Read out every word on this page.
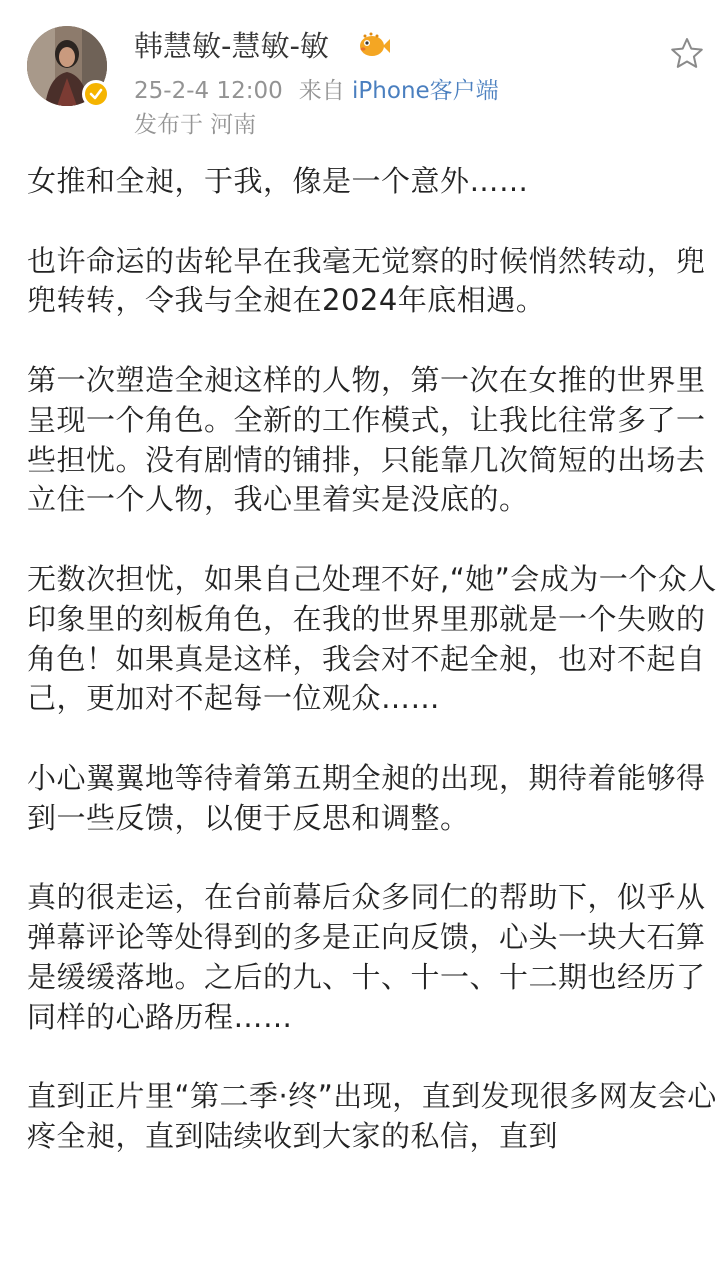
韩慧敏-慧敏-敏
25-2-4 12:00 来自 iPhone客户端
发布于 河南

女推和全昶，于我，像是一个意外……

也许命运的齿轮早在我毫无觉察的时候悄然转动，兜兜转转，令我与全昶在2024年底相遇。

第一次塑造全昶这样的人物，第一次在女推的世界里呈现一个角色。全新的工作模式，让我比往常多了一些担忧。没有剧情的铺排，只能靠几次简短的出场去立住一个人物，我心里着实是没底的。

无数次担忧，如果自己处理不好,“她”会成为一个众人印象里的刻板角色，在我的世界里那就是一个失败的角色！如果真是这样，我会对不起全昶，也对不起自己，更加对不起每一位观众……

小心翼翼地等待着第五期全昶的出现，期待着能够得到一些反馈，以便于反思和调整。

真的很走运，在台前幕后众多同仁的帮助下，似乎从弹幕评论等处得到的多是正向反馈，心头一块大石算是缓缓落地。之后的九、十、十一、十二期也经历了同样的心路历程……

直到正片里“第二季·终”出现，直到发现很多网友会心疼全昶，直到陆续收到大家的私信，直到
